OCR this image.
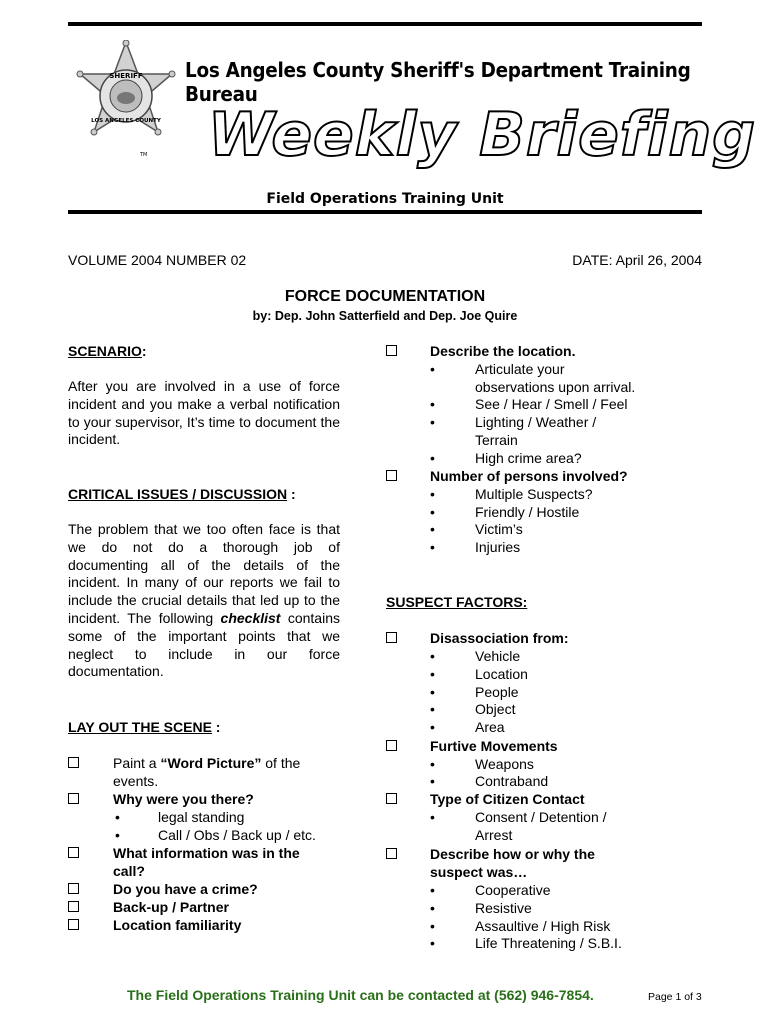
SHERIFF
LOS ANGELES COUNTY
TM
Los Angeles County Sheriff's Department Training Bureau
Weekly Briefing
Field Operations Training Unit
VOLUME 2004 NUMBER 02	DATE: April 26, 2004
FORCE DOCUMENTATION
by: Dep. John Satterfield and Dep. Joe Quire
SCENARIO:
After you are involved in a use of force incident and you make a verbal notification to your supervisor, It’s time to document the incident.
CRITICAL ISSUES / DISCUSSION :
The problem that we too often face is that we do not do a thorough job of documenting all of the details of the incident. In many of our reports we fail to include the crucial details that led up to the incident. The following checklist contains some of the important points that we neglect to include in our force documentation.
LAY OUT THE SCENE :
Paint a “Word Picture” of the
events.
Why were you there?
•	legal standing
•	Call / Obs / Back up / etc.
What information was in the
call?
Do you have a crime?
Back-up / Partner
Location familiarity
Describe the location.
•	Articulate your
observations upon arrival.
•	See / Hear / Smell / Feel
•	Lighting / Weather /
Terrain
•	High crime area?
Number of persons involved?
•	Multiple Suspects?
•	Friendly / Hostile
•	Victim’s
•	Injuries
SUSPECT FACTORS:
Disassociation from:
•	Vehicle
•	Location
•	People
•	Object
•	Area
Furtive Movements
•	Weapons
•	Contraband
Type of Citizen Contact
•	Consent / Detention /
Arrest
Describe how or why the
suspect was…
•	Cooperative
•	Resistive
•	Assaultive / High Risk
•	Life Threatening / S.B.I.
The Field Operations Training Unit can be contacted at (562) 946-7854.	Page 1 of 3
